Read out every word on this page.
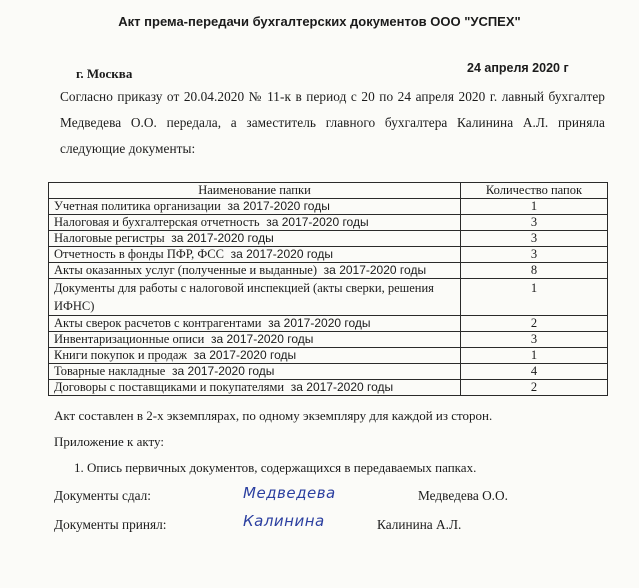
Акт према-передачи бухгалтерских документов ООО "УСПЕХ"
г. Москва	24 апреля 2020 г
Согласно приказу от 20.04.2020 № 11-к в период с 20 по 24 апреля 2020 г. лавный бухгалтер Медведева О.О. передала, а заместитель главного бухгалтера Калинина А.Л. приняла следующие документы:
Наименование папки	Количество папок
Учетная политика организации  за 2017-2020 годы	1
Налоговая и бухгалтерская отчетность  за 2017-2020 годы	3
Налоговые регистры  за 2017-2020 годы	3
Отчетность в фонды ПФР, ФСС  за 2017-2020 годы	3
Акты оказанных услуг (полученные и выданные)  за 2017-2020 годы	8
Документы для работы с налоговой инспекцией (акты сверки, решения ИФНС)	1
Акты сверок расчетов с контрагентами  за 2017-2020 годы	2
Инвентаризационные описи  за 2017-2020 годы	3
Книги покупок и продаж  за 2017-2020 годы	1
Товарные накладные  за 2017-2020 годы	4
Договоры с поставщиками и покупателями  за 2017-2020 годы	2
Акт составлен в 2-х экземплярах, по одному экземпляру для каждой из сторон.
Приложение к акту:
1. Опись первичных документов, содержащихся в передаваемых папках.
Документы сдал:	Медведева	Медведева О.О.
Документы принял:	Калинина	Калинина А.Л.
